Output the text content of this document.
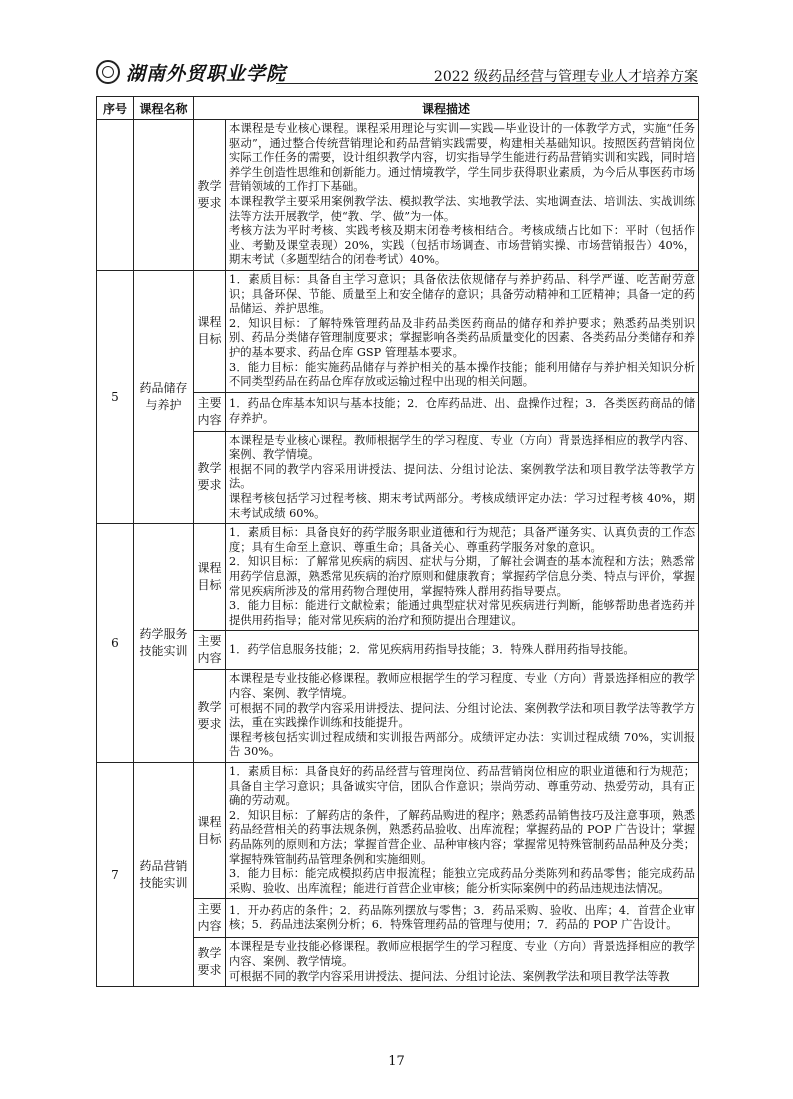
湖南外贸职业学院	2022 级药品经营与管理专业人才培养方案
序号	课程名称	课程描述	
		教学要求	本课程是专业核心课程。课程采用理论与实训—实践—毕业设计的一体教学方式，实施“任务驱动”，通过整合传统营销理论和药品营销实践需要，构建相关基础知识。按照医药营销岗位实际工作任务的需要，设计组织教学内容，切实指导学生能进行药品营销实训和实践，同时培养学生创造性思维和创新能力。通过情境教学，学生同步获得职业素质，为今后从事医药市场营销领域的工作打下基础。

本课程教学主要采用案例教学法、模拟教学法、实地教学法、实地调查法、培训法、实战训练法等方法开展教学，使“教、学、做”为一体。

考核方法为平时考核、实践考核及期末闭卷考核相结合。考核成绩占比如下：平时（包括作业、考勤及课堂表现）20%，实践（包括市场调查、市场营销实操、市场营销报告）40%，期末考试（多题型结合的闭卷考试）40%。

5	药品储存与养护	课程目标	1．素质目标：具备自主学习意识；具备依法依规储存与养护药品、科学严谨、吃苦耐劳意识；具备环保、节能、质量至上和安全储存的意识；具备劳动精神和工匠精神；具备一定的药品储运、养护思维。

2．知识目标：了解特殊管理药品及非药品类医药商品的储存和养护要求；熟悉药品类别识别、药品分类储存管理制度要求；掌握影响各类药品质量变化的因素、各类药品分类储存和养护的基本要求、药品仓库 GSP 管理基本要求。

3．能力目标：能实施药品储存与养护相关的基本操作技能；能利用储存与养护相关知识分析不同类型药品在药品仓库存放或运输过程中出现的相关问题。

		主要内容	1．药品仓库基本知识与基本技能；2．仓库药品进、出、盘操作过程；3．各类医药商品的储存养护。
		教学要求	本课程是专业核心课程。教师根据学生的学习程度、专业（方向）背景选择相应的教学内容、案例、教学情境。

根据不同的教学内容采用讲授法、提问法、分组讨论法、案例教学法和项目教学法等教学方法。

课程考核包括学习过程考核、期末考试两部分。考核成绩评定办法：学习过程考核 40%，期末考试成绩 60%。

6	药学服务技能实训	课程目标	1．素质目标：具备良好的药学服务职业道德和行为规范；具备严谨务实、认真负责的工作态度；具有生命至上意识、尊重生命；具备关心、尊重药学服务对象的意识。

2．知识目标：了解常见疾病的病因、症状与分期，了解社会调查的基本流程和方法；熟悉常用药学信息源，熟悉常见疾病的治疗原则和健康教育；掌握药学信息分类、特点与评价，掌握常见疾病所涉及的常用药物合理使用，掌握特殊人群用药指导要点。

3．能力目标：能进行文献检索；能通过典型症状对常见疾病进行判断，能够帮助患者选药并提供用药指导；能对常见疾病的治疗和预防提出合理建议。

		主要内容	1．药学信息服务技能；2．常见疾病用药指导技能；3．特殊人群用药指导技能。
		教学要求	本课程是专业技能必修课程。教师应根据学生的学习程度、专业（方向）背景选择相应的教学内容、案例、教学情境。

可根据不同的教学内容采用讲授法、提问法、分组讨论法、案例教学法和项目教学法等教学方法，重在实践操作训练和技能提升。

课程考核包括实训过程成绩和实训报告两部分。成绩评定办法：实训过程成绩 70%，实训报告 30%。

7	药品营销技能实训	课程目标	1．素质目标：具备良好的药品经营与管理岗位、药品营销岗位相应的职业道德和行为规范；具备自主学习意识；具备诚实守信，团队合作意识；崇尚劳动、尊重劳动、热爱劳动，具有正确的劳动观。

2．知识目标：了解药店的条件，了解药品购进的程序；熟悉药品销售技巧及注意事项，熟悉药品经营相关的药事法规条例，熟悉药品验收、出库流程；掌握药品的 POP 广告设计；掌握药品陈列的原则和方法；掌握首营企业、品种审核内容；掌握常见特殊管制药品品种及分类；掌握特殊管制药品管理条例和实施细则。

3．能力目标：能完成模拟药店申报流程；能独立完成药品分类陈列和药品零售；能完成药品采购、验收、出库流程；能进行首营企业审核；能分析实际案例中的药品违规违法情况。

		主要内容	1．开办药店的条件；2．药品陈列摆放与零售；3．药品采购、验收、出库；4．首营企业审核；5．药品违法案例分析；6．特殊管理药品的管理与使用；7．药品的 POP 广告设计。
		教学要求	本课程是专业技能必修课程。教师应根据学生的学习程度、专业（方向）背景选择相应的教学内容、案例、教学情境。

可根据不同的教学内容采用讲授法、提问法、分组讨论法、案例教学法和项目教学法等教

17
